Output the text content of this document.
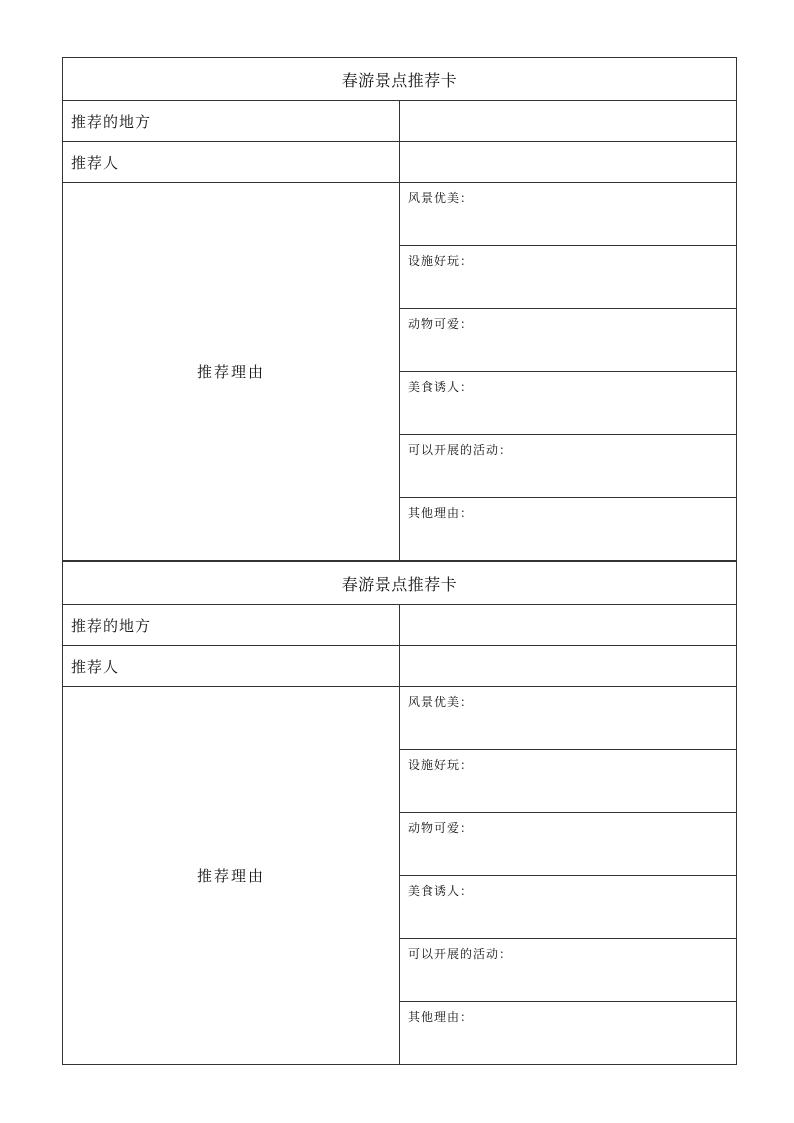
春游景点推荐卡	
推荐的地方	
推荐人	
推荐理由	风景优美：
	设施好玩：
	动物可爱：
	美食诱人：
	可以开展的活动：
	其他理由：
春游景点推荐卡	
推荐的地方	
推荐人	
推荐理由	风景优美：
	设施好玩：
	动物可爱：
	美食诱人：
	可以开展的活动：
	其他理由：
